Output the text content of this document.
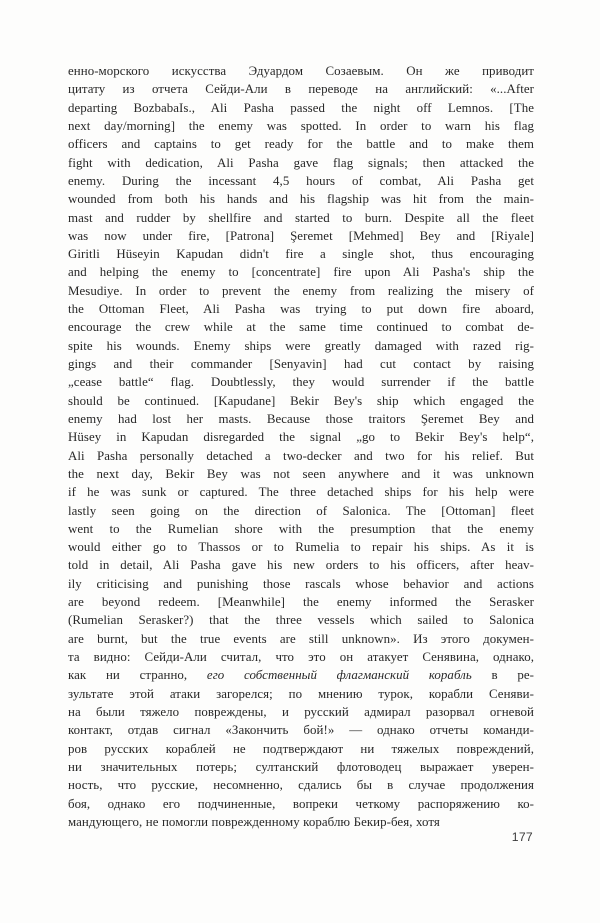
енно-морского искусства Эдуардом Созаевым. Он же приводит
цитату из отчета Сейди-Али в переводе на английский: «...After
departing BozbabaIs., Ali Pasha passed the night off Lemnos. [The
next day/morning] the enemy was spotted. In order to warn his flag
officers and captains to get ready for the battle and to make them
fight with dedication, Ali Pasha gave flag signals; then attacked the
enemy. During the incessant 4,5 hours of combat, Ali Pasha get
wounded from both his hands and his flagship was hit from the main-
mast and rudder by shellfire and started to burn. Despite all the fleet
was now under fire, [Patrona] Şeremet [Mehmed] Bey and [Riyale]
Giritli Hüseyin Kapudan didn't fire a single shot, thus encouraging
and helping the enemy to [concentrate] fire upon Ali Pasha's ship the
Mesudiye. In order to prevent the enemy from realizing the misery of
the Ottoman Fleet, Ali Pasha was trying to put down fire aboard,
encourage the crew while at the same time continued to combat de-
spite his wounds. Enemy ships were greatly damaged with razed rig-
gings and their commander [Senyavin] had cut contact by raising
„cease battle“ flag. Doubtlessly, they would surrender if the battle
should be continued. [Kapudane] Bekir Bey's ship which engaged the
enemy had lost her masts. Because those traitors Şeremet Bey and
Hüsey in Kapudan disregarded the signal „go to Bekir Bey's help“,
Ali Pasha personally detached a two-decker and two for his relief. But
the next day, Bekir Bey was not seen anywhere and it was unknown
if he was sunk or captured. The three detached ships for his help were
lastly seen going on the direction of Salonica. The [Ottoman] fleet
went to the Rumelian shore with the presumption that the enemy
would either go to Thassos or to Rumelia to repair his ships. As it is
told in detail, Ali Pasha gave his new orders to his officers, after heav-
ily criticising and punishing those rascals whose behavior and actions
are beyond redeem. [Meanwhile] the enemy informed the Serasker
(Rumelian Serasker?) that the three vessels which sailed to Salonica
are burnt, but the true events are still unknown». Из этого докумен-
та видно: Сейди-Али считал, что это он атакует Сенявина, однако,
как ни странно, его собственный флагманский корабль в ре-
зультате этой атаки загорелся; по мнению турок, корабли Сеняви-
на были тяжело повреждены, и русский адмирал разорвал огневой
контакт, отдав сигнал «Закончить бой!» — однако отчеты команди-
ров русских кораблей не подтверждают ни тяжелых повреждений,
ни значительных потерь; султанский флотоводец выражает уверен-
ность, что русские, несомненно, сдались бы в случае продолжения
боя, однако его подчиненные, вопреки четкому распоряжению ко-
мандующего, не помогли поврежденному кораблю Бекир-бея, хотя
177
